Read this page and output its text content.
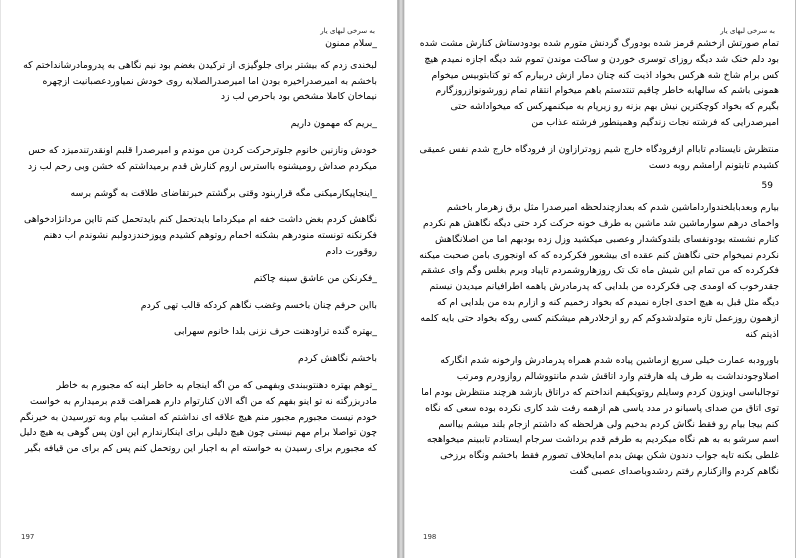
به سرخی لبهای یار

_سلام ممنون

لبخندی زدم که بیشتر برای جلوگیزی از ترکیدن بغضم بود نیم نگاهی به پدرومادرشانداختم که باخشم به امیرصدراخیره بودن اما امیرصدرالصلابه روی خودش نمیاوردعصبانیت ازچهره نیماخان کاملا مشخص بود باحرص لب زد

_بریم که مهمون داریم

خودش ونازنین خانوم جلوترحرکت کردن من موندم و امیرصدرا قلبم اونقدرتندمیزد که حس میکردم صداش رومیشنوه بااسترس اروم کنارش قدم برمیداشتم که خشن وبی رحم لب زد

_اینجاپیکارمیکنی مگه قراربنود وقتی برگشتم خبرتقاضای طلاقت به گوشم برسه

نگاهش کردم بغض داشت خفه ام میکرداما بایدتحمل کنم بایدتحمل کنم تااین مردانژادخواهی فکرنکنه تونسته منودرهم بشکنه اخمام روتوهم کشیدم وپوزخندزدولبم نشوندم اب دهنم روقورت دادم

_فکرنکن من عاشق سینه چاکتم

بااین حرفم چنان باخسم وغضب نگاهم کردکه قالب تهی کردم

_بهتره گنده تراودهنت حرف نزنی بلدا خانوم سهرابی

باخشم نگاهش کردم

_توهم بهتره دهنتوببندی وبفهمی که من اگه اینجام به خاطر اینه که مجبورم به خاطر مادربزرگته نه تو اینو بفهم که من اگه الان کنارتوام دارم همراهت قدم برمیدارم به خواست خودم نیست مجبورم مجبور منم هیچ علاقه ای نداشتم که امشب بیام وبه تورسیدن به خیرنگم چون تواصلا برام مهم نیستی چون هیچ دلیلی برای اینکارندارم این اون پس گوهی یه هیچ دلیل که مجبورم برای رسیدن به خواسته ام به اجبار این روتحمل کنم پس کم برای من قیافه بگیر

197
به سرخی لبهای یار

تمام صورتش ازخشم قرمز شده بودورگ گردنش متورم شده بودودستاش کنارش مشت شده بود دلم خنک شد دیگه روزای توسری خوردن و ساکت موندن تموم شد دیگه اجازه نمیدم هیچ کس برام شاخ شه هرکس بخواد اذیت کنه چنان دمار ازش دربیارم که تو کتابتوبیس میخوام همونی باشم که سالهابه خاطر چاقیم تنتدستم باهم میخوام انتقام تمام زورشونوازروزگارم بگیرم که بخواد کوچکترین نیش بهم بزنه رو زیرپام به میکنمهرکس که میخواداشه حتی امیرصدرایی که فرشته نجات زندگیم وهمینطور فرشته عذاب من

منتظرش نایستادم تاباام ازفرودگاه خارج شیم زودترازاون از فرودگاه خارج شدم نفس عمیقی کشیدم تابتونم ارامشم روبه دست

59

بیارم وبعدبابلخندوارداماشین شدم که بعدازچندلحظه امیرصدرا مثل برق زهرمار باخشم واخمای درهم سوارماشین شد ماشین به طرف خونه حرکت کرد حتی دیگه نگاهش هم نکردم کنارم نشسته بودونفسای بلندوکشدار وعصبی میکشید وزل زده بودبهم اما من اصلانگاهش نکردم نمیخوام حتی نگاهش کنم عقده ای بیشعور فکرکرده که که اونجوری بامن صحبت میکنه فکرکرده که من تمام این شیش ماه تک تک روزهاروشمردم تاپیاد وبرم بغلس وگم وای عشقم جقدرخوب که اومدی چی فکرکرده من بلدایی که پدرمادرش یاهمه اطرافیانم میدیدن نیستم دیگه مثل قبل به هیچ احدی اجازه نمیدم که بخواد زخمیم کنه و ازارم بده من بلدایی ام که ازهمون روزعمل تازه متولدشدوکم کم رو ازخلادرهم میشکنم کسی روکه بخواد حتی بایه کلمه اذیتم کنه

باورودبه عمارت خیلی سریع ازماشین پیاده شدم همراه پدرمادرش وارخونه شدم انگارکه اصلاوجودنداشت به طرف پله هارفتم وارد اتاقش شدم مانتووشالم روازودرم ومرتب توجالباسی اویزون کردم وسایلم روتویکیفم انداختم که دراتاق بازشد هرچند منتظرش بودم اما توی اتاق من صدای پاسبانو در مدد یاسی هم ازهمه رفت شد کاری نکرده بوده سعی که نگاه کنم بیجا بیام رو فقط نگاش کردم بدخیم ولی هرلحظه که داشتم ازجام بلند میشم بیااسم اسم سرشو به به هم نگاه میکردیم به طرفم قدم برداشت سرجام ایستادم تاببینم میخواهجه غلطی بکنه تایه جواب دندون شکن بهش بدم امایخلاف تصورم فقط باخشم ونگاه برزخی نگاهم کردم واازکنارم رفتم ردشدوباصدای عصبی گفت

198
